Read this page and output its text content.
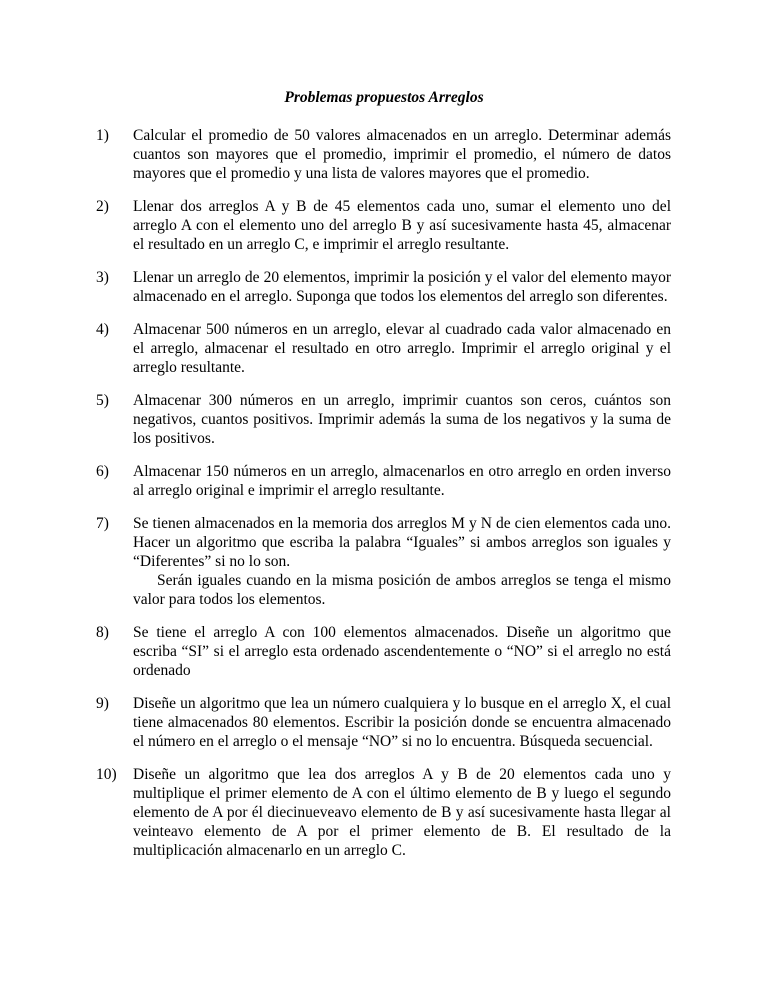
Problemas propuestos Arreglos
1) Calcular el promedio de 50 valores almacenados en un arreglo. Determinar además cuantos son mayores que el promedio, imprimir el promedio, el número de datos mayores que el promedio y una lista de valores mayores que el promedio.
2) Llenar dos arreglos A y B de 45 elementos cada uno, sumar el elemento uno del arreglo A con el elemento uno del arreglo B y así sucesivamente hasta 45, almacenar el resultado en un arreglo C, e imprimir el arreglo resultante.
3) Llenar un arreglo de 20 elementos, imprimir la posición y el valor del elemento mayor almacenado en el arreglo. Suponga que todos los elementos del arreglo son diferentes.
4) Almacenar 500 números en un arreglo, elevar al cuadrado cada valor almacenado en el arreglo, almacenar el resultado en otro arreglo. Imprimir el arreglo original y el arreglo resultante.
5) Almacenar 300 números en un arreglo, imprimir cuantos son ceros, cuántos son negativos, cuantos positivos. Imprimir además la suma de los negativos y la suma de los positivos.
6) Almacenar 150 números en un arreglo, almacenarlos en otro arreglo en orden inverso al arreglo original e imprimir el arreglo resultante.
7) Se tienen almacenados en la memoria dos arreglos M y N de cien elementos cada uno. Hacer un algoritmo que escriba la palabra “Iguales” si ambos arreglos son iguales y “Diferentes” si no lo son.
Serán iguales cuando en la misma posición de ambos arreglos se tenga el mismo valor para todos los elementos.
8) Se tiene el arreglo A con 100 elementos almacenados. Diseñe un algoritmo que escriba “SI” si el arreglo esta ordenado ascendentemente o “NO” si el arreglo no está ordenado
9) Diseñe un algoritmo que lea un número cualquiera y lo busque en el arreglo X, el cual tiene almacenados 80 elementos. Escribir la posición donde se encuentra almacenado el número en el arreglo o el mensaje “NO” si no lo encuentra. Búsqueda secuencial.
10) Diseñe un algoritmo que lea dos arreglos A y B de 20 elementos cada uno y multiplique el primer elemento de A con el último elemento de B y luego el segundo elemento de A por él diecinueveavo elemento de B y así sucesivamente hasta llegar al veinteavo elemento de A por el primer elemento de B. El resultado de la multiplicación almacenarlo en un arreglo C.
